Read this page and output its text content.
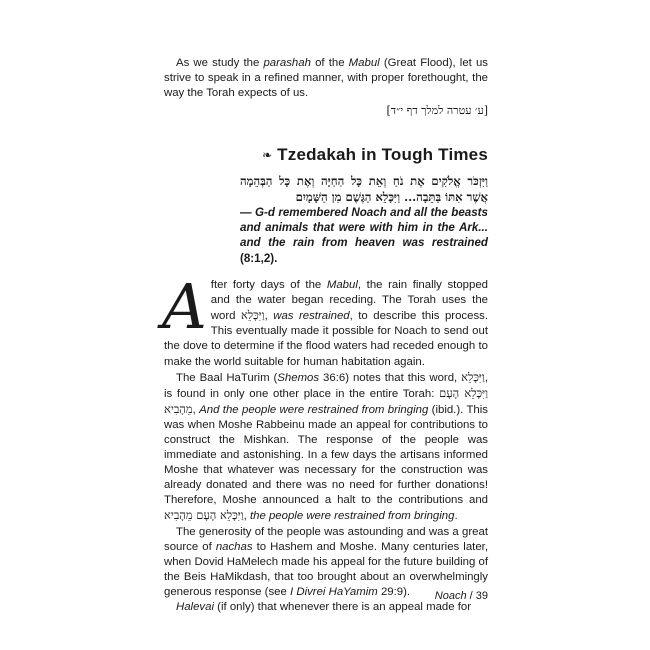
As we study the parashah of the Mabul (Great Flood), let us strive to speak in a refined manner, with proper forethought, the way the Torah expects of us.

[ע׳ עטרה למלך דף י״ד]

❧ Tzedakah in Tough Times
וַיִּזְכֹּר אֱלֹקִים אֶת נֹחַ וְאֵת כָּל הַחַיָּה וְאֶת כָּל הַבְּהֵמָה אֲשֶׁר אִתּוֹ בַּתֵּבָה... וַיִּכָּלֵא הַגֶּשֶׁם מִן הַשָּׁמָיִם
— G-d remembered Noach and all the beasts and animals that were with him in the Ark... and the rain from heaven was restrained (8:1,2).

After forty days of the Mabul, the rain finally stopped and the water began receding. The Torah uses the word וַיִּכָּלֵא, was restrained, to describe this process. This eventually made it possible for Noach to send out the dove to determine if the flood waters had receded enough to make the world suitable for human habitation again.

The Baal HaTurim (Shemos 36:6) notes that this word, וַיִּכָּלֵא, is found in only one other place in the entire Torah: וַיִּכָּלֵא הָעָם מֵהָבִיא, And the people were restrained from bringing (ibid.). This was when Moshe Rabbeinu made an appeal for contributions to construct the Mishkan. The response of the people was immediate and astonishing. In a few days the artisans informed Moshe that whatever was necessary for the construction was already donated and there was no need for further donations! Therefore, Moshe announced a halt to the contributions and וַיִּכָּלֵא הָעָם מֵהָבִיא, the people were restrained from bringing.

The generosity of the people was astounding and was a great source of nachas to Hashem and Moshe. Many centuries later, when Dovid HaMelech made his appeal for the future building of the Beis HaMikdash, that too brought about an overwhelmingly generous response (see I Divrei HaYamim 29:9).

Halevai (if only) that whenever there is an appeal made for

Noach / 39
